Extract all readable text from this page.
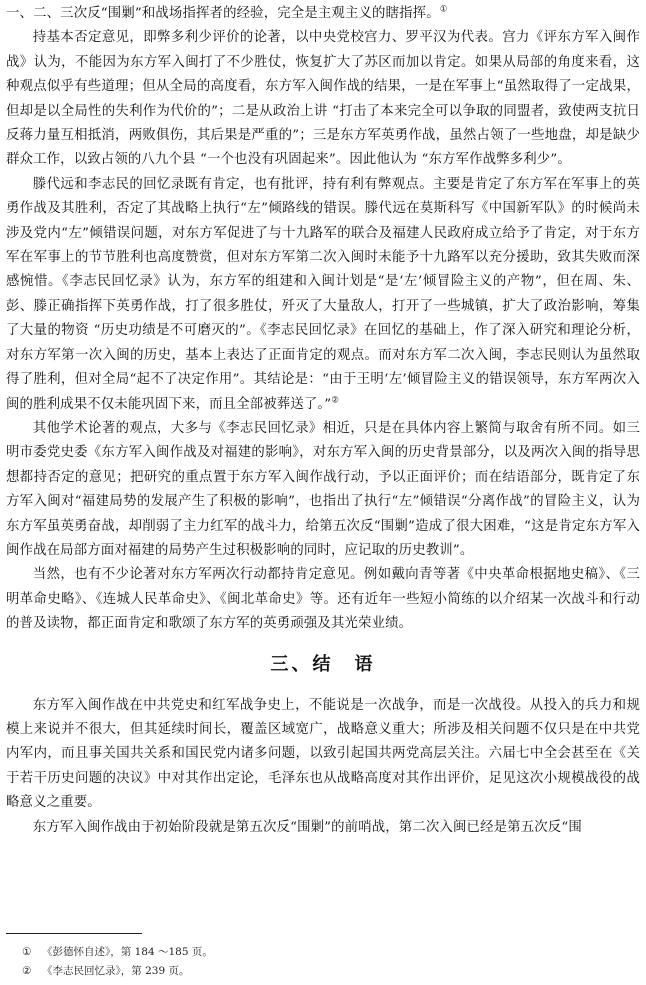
一、二、三次反“围剿”和战场指挥者的经验，完全是主观主义的瞎指挥。①

持基本否定意见，即弊多利少评价的论著，以中央党校宫力、罗平汉为代表。宫力《评东方军入闽作战》认为，不能因为东方军入闽打了不少胜仗，恢复扩大了苏区而加以肯定。如果从局部的角度来看，这种观点似乎有些道理；但从全局的高度看，东方军入闽作战的结果，一是在军事上“虽然取得了一定战果，但却是以全局性的失利作为代价的”；二是从政治上讲 “打击了本来完全可以争取的同盟者，致使两支抗日反蒋力量互相抵消，两败俱伤，其后果是严重的”；三是东方军英勇作战，虽然占领了一些地盘，却是缺少群众工作，以致占领的八九个县 “一个也没有巩固起来”。因此他认为 “东方军作战弊多利少”。

滕代远和李志民的回忆录既有肯定，也有批评，持有利有弊观点。主要是肯定了东方军在军事上的英勇作战及其胜利，否定了其战略上执行“左”倾路线的错误。滕代远在莫斯科写《中国新军队》的时候尚未涉及党内“左”倾错误问题，对东方军促进了与十九路军的联合及福建人民政府成立给予了肯定，对于东方军在军事上的节节胜利也高度赞赏，但对东方军第二次入闽时未能予十九路军以充分援助，致其失败而深感惋惜。《李志民回忆录》认为，东方军的组建和入闽计划是“是‘左’倾冒险主义的产物”，但在周、朱、彭、滕正确指挥下英勇作战，打了很多胜仗，歼灭了大量敌人，打开了一些城镇，扩大了政治影响，筹集了大量的物资 “历史功绩是不可磨灭的”。《李志民回忆录》在回忆的基础上，作了深入研究和理论分析，对东方军第一次入闽的历史，基本上表达了正面肯定的观点。而对东方军二次入闽，李志民则认为虽然取得了胜利，但对全局“起不了决定作用”。其结论是：“由于王明‘左’倾冒险主义的错误领导，东方军两次入闽的胜利成果不仅未能巩固下来，而且全部被葬送了。”②

其他学术论著的观点，大多与《李志民回忆录》相近，只是在具体内容上繁简与取舍有所不同。如三明市委党史委《东方军入闽作战及对福建的影响》，对东方军入闽的历史背景部分，以及两次入闽的指导思想都持否定的意见；把研究的重点置于东方军入闽作战行动，予以正面评价；而在结语部分，既肯定了东方军入闽对“福建局势的发展产生了积极的影响”，也指出了执行“左”倾错误“分离作战”的冒险主义，认为东方军虽英勇奋战，却削弱了主力红军的战斗力，给第五次反“围剿”造成了很大困难，“这是肯定东方军入闽作战在局部方面对福建的局势产生过积极影响的同时，应记取的历史教训”。

当然，也有不少论著对东方军两次行动都持肯定意见。例如戴向青等著《中央革命根据地史稿》、《三明革命史略》、《连城人民革命史》、《闽北革命史》等。还有近年一些短小简练的以介绍某一次战斗和行动的普及读物，都正面肯定和歌颂了东方军的英勇顽强及其光荣业绩。

三、结　语

东方军入闽作战在中共党史和红军战争史上，不能说是一次战争，而是一次战役。从投入的兵力和规模上来说并不很大，但其延续时间长，覆盖区域宽广，战略意义重大；所涉及相关问题不仅只是在中共党内军内，而且事关国共关系和国民党内诸多问题，以致引起国共两党高层关注。六届七中全会甚至在《关于若干历史问题的决议》中对其作出定论，毛泽东也从战略高度对其作出评价，足见这次小规模战役的战略意义之重要。

东方军入闽作战由于初始阶段就是第五次反“围剿”的前哨战，第二次入闽已经是第五次反“围

① 《彭德怀自述》，第 184 ～185 页。

② 《李志民回忆录》，第 239 页。
